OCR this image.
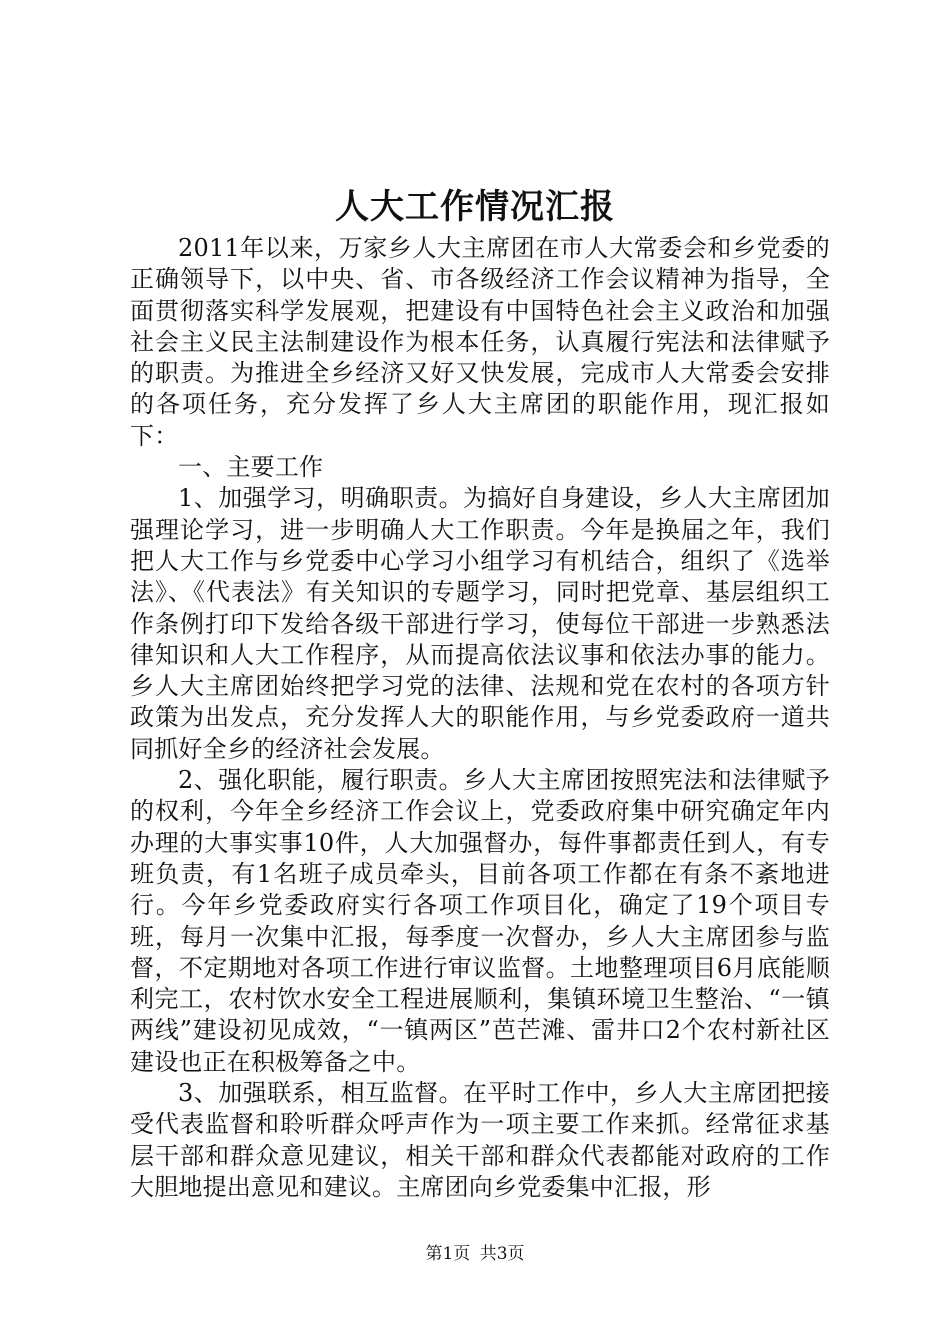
人大工作情况汇报

2011年以来，万家乡人大主席团在市人大常委会和乡党委的正确领导下，以中央、省、市各级经济工作会议精神为指导，全面贯彻落实科学发展观，把建设有中国特色社会主义政治和加强社会主义民主法制建设作为根本任务，认真履行宪法和法律赋予的职责。为推进全乡经济又好又快发展，完成市人大常委会安排的各项任务，充分发挥了乡人大主席团的职能作用，现汇报如下：

一、主要工作

1、加强学习，明确职责。为搞好自身建设，乡人大主席团加强理论学习，进一步明确人大工作职责。今年是换届之年，我们把人大工作与乡党委中心学习小组学习有机结合，组织了《选举法》、《代表法》有关知识的专题学习，同时把党章、基层组织工作条例打印下发给各级干部进行学习，使每位干部进一步熟悉法律知识和人大工作程序，从而提高依法议事和依法办事的能力。乡人大主席团始终把学习党的法律、法规和党在农村的各项方针政策为出发点，充分发挥人大的职能作用，与乡党委政府一道共同抓好全乡的经济社会发展。

2、强化职能，履行职责。乡人大主席团按照宪法和法律赋予的权利，今年全乡经济工作会议上，党委政府集中研究确定年内办理的大事实事10件，人大加强督办，每件事都责任到人，有专班负责，有1名班子成员牵头，目前各项工作都在有条不紊地进行。今年乡党委政府实行各项工作项目化，确定了19个项目专班，每月一次集中汇报，每季度一次督办，乡人大主席团参与监督，不定期地对各项工作进行审议监督。土地整理项目6月底能顺利完工，农村饮水安全工程进展顺利，集镇环境卫生整治、“一镇两线”建设初见成效，“一镇两区”芭芒滩、雷井口2个农村新社区建设也正在积极筹备之中。

3、加强联系，相互监督。在平时工作中，乡人大主席团把接受代表监督和聆听群众呼声作为一项主要工作来抓。经常征求基层干部和群众意见建议，相关干部和群众代表都能对政府的工作大胆地提出意见和建议。主席团向乡党委集中汇报，形

第1页 共3页
